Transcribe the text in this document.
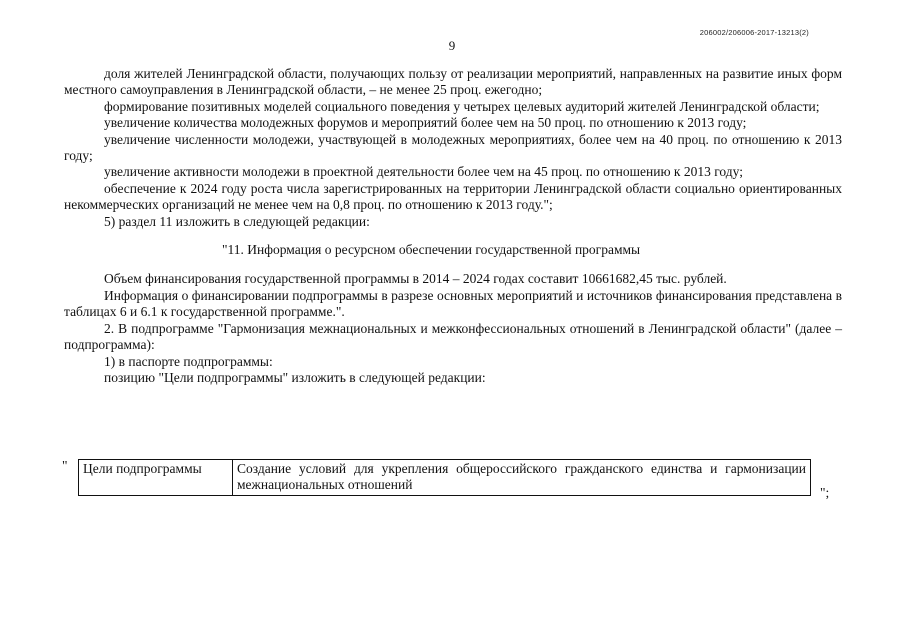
206002/206006-2017-13213(2)
9

доля жителей Ленинградской области, получающих пользу от реализации мероприятий, направленных на развитие иных форм местного самоуправления в Ленинградской области, – не менее 25 проц. ежегодно;

формирование позитивных моделей социального поведения у четырех целевых аудиторий жителей Ленинградской области;

увеличение количества молодежных форумов и мероприятий более чем на 50 проц. по отношению к 2013 году;

увеличение численности молодежи, участвующей в молодежных мероприятиях, более чем на 40 проц. по отношению к 2013 году;

увеличение активности молодежи в проектной деятельности более чем на 45 проц. по отношению к 2013 году;

обеспечение к 2024 году роста числа зарегистрированных на территории Ленинградской области социально ориентированных некоммерческих организаций не менее чем на 0,8 проц. по отношению к 2013 году.";

5) раздел 11 изложить в следующей редакции:

"11. Информация о ресурсном обеспечении государственной программы

Объем финансирования государственной программы в 2014 – 2024 годах составит 10661682,45 тыс. рублей.

Информация о финансировании подпрограммы в разрезе основных мероприятий и источников финансирования представлена в таблицах 6 и 6.1 к государственной программе.".

2. В подпрограмме "Гармонизация межнациональных и межконфессиональных отношений в Ленинградской области" (далее – подпрограмма):

1) в паспорте подпрограммы:

позицию "Цели подпрограммы" изложить в следующей редакции:

" Цели подпрограммы	Создание условий для укрепления общероссийского гражданского единства и гармонизации межнациональных отношений
";
